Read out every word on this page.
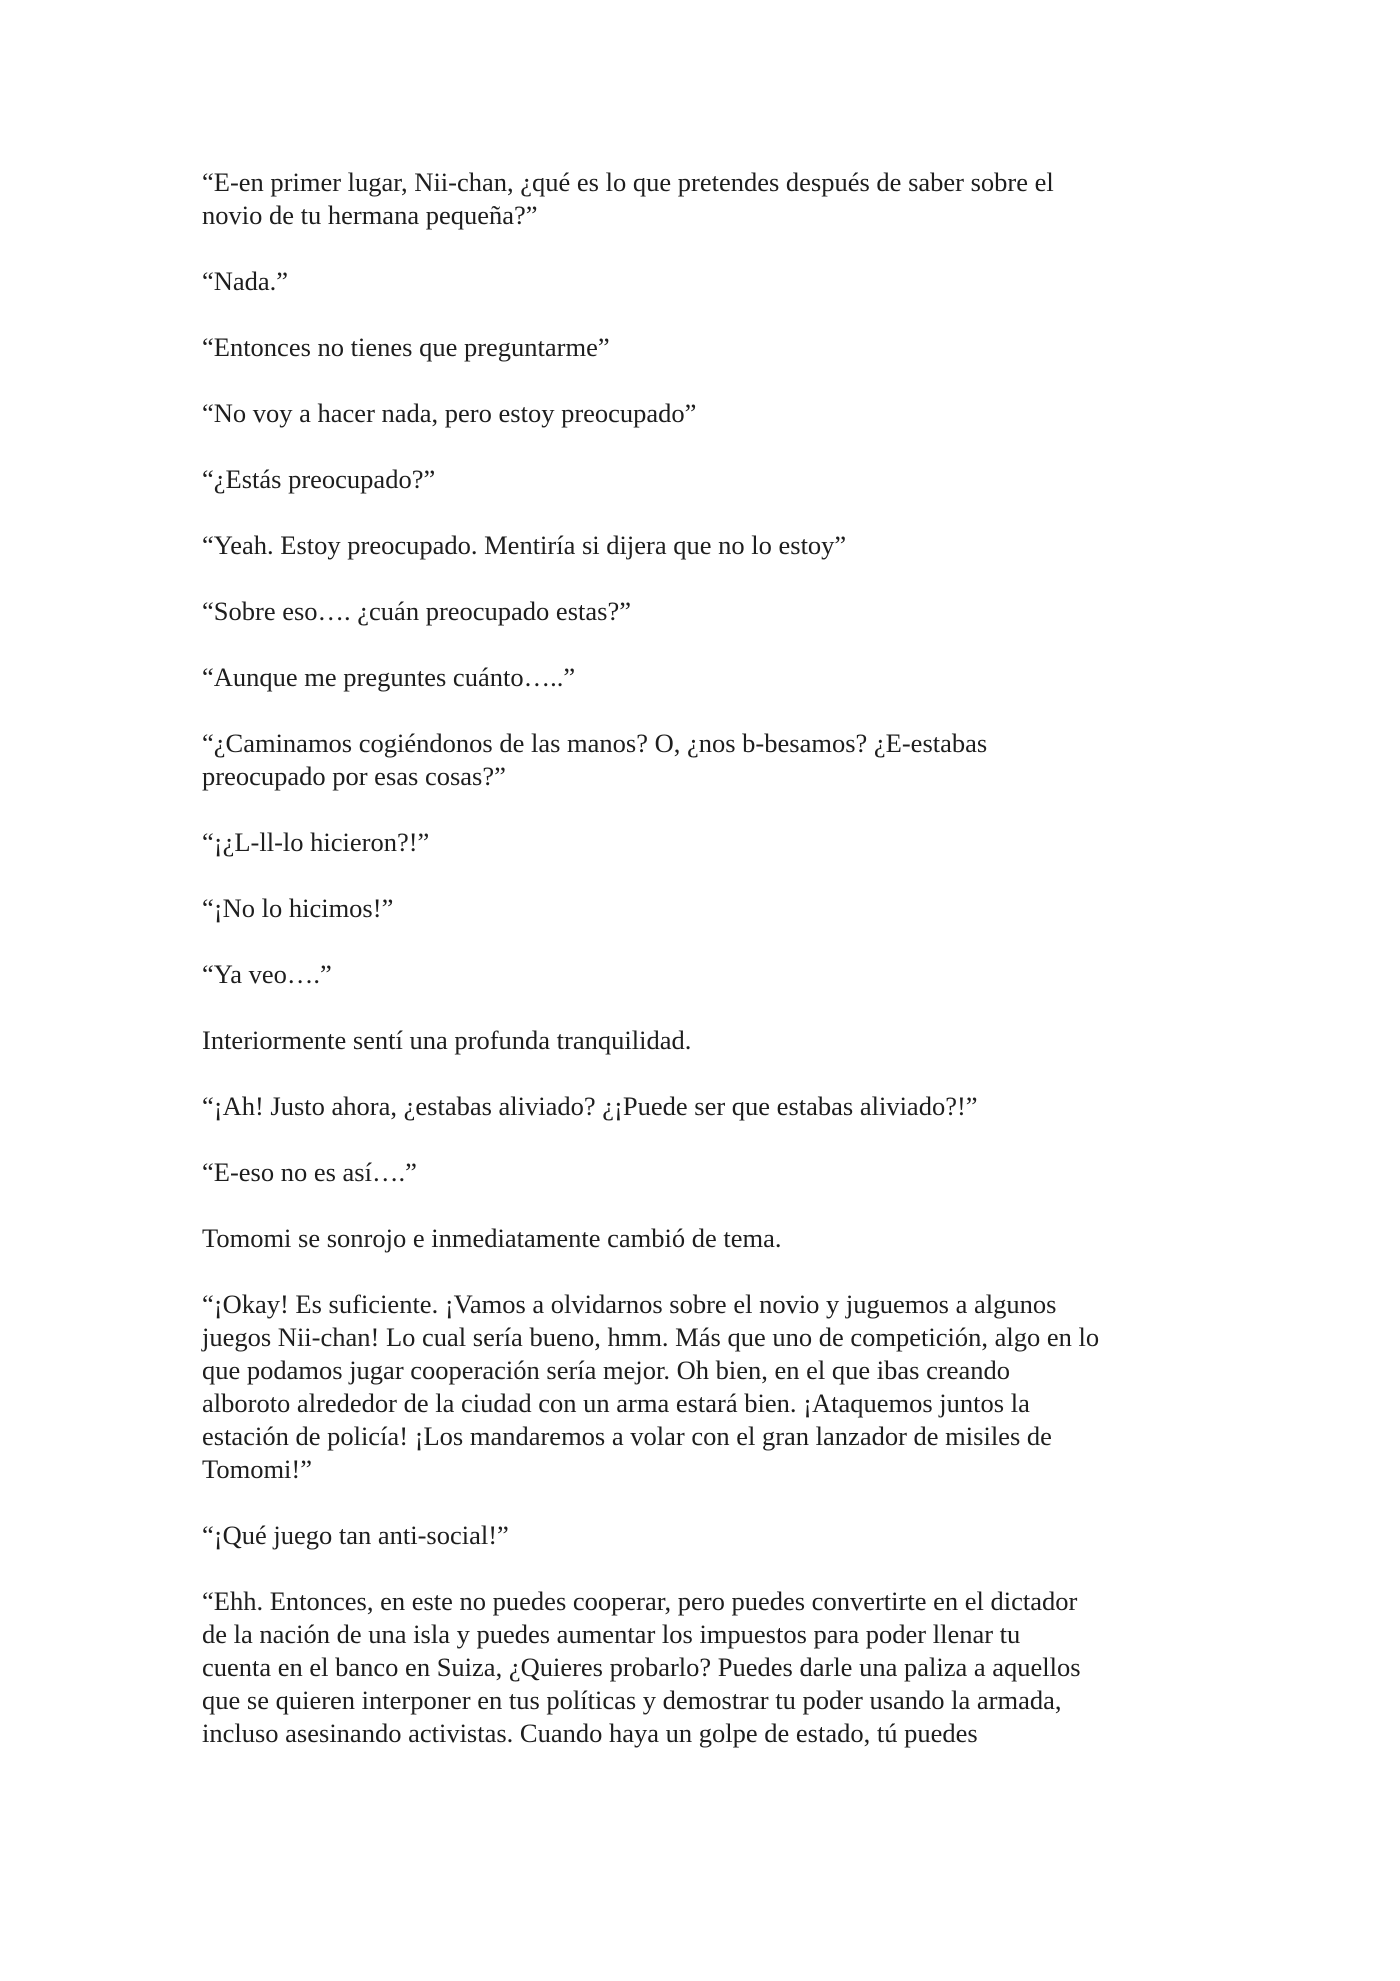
“E-en primer lugar, Nii-chan, ¿qué es lo que pretendes después de saber sobre el
novio de tu hermana pequeña?”

“Nada.”

“Entonces no tienes que preguntarme”

“No voy a hacer nada, pero estoy preocupado”

“¿Estás preocupado?”

“Yeah. Estoy preocupado. Mentiría si dijera que no lo estoy”

“Sobre eso…. ¿cuán preocupado estas?”

“Aunque me preguntes cuánto…..”

“¿Caminamos cogiéndonos de las manos? O, ¿nos b-besamos? ¿E-estabas
preocupado por esas cosas?”

“¡¿L-ll-lo hicieron?!”

“¡No lo hicimos!”

“Ya veo….”

Interiormente sentí una profunda tranquilidad.

“¡Ah! Justo ahora, ¿estabas aliviado? ¿¡Puede ser que estabas aliviado?!”

“E-eso no es así….”

Tomomi se sonrojo e inmediatamente cambió de tema.

“¡Okay! Es suficiente. ¡Vamos a olvidarnos sobre el novio y juguemos a algunos
juegos Nii-chan! Lo cual sería bueno, hmm. Más que uno de competición, algo en lo
que podamos jugar cooperación sería mejor. Oh bien, en el que ibas creando
alboroto alrededor de la ciudad con un arma estará bien. ¡Ataquemos juntos la
estación de policía! ¡Los mandaremos a volar con el gran lanzador de misiles de
Tomomi!”

“¡Qué juego tan anti-social!”

“Ehh. Entonces, en este no puedes cooperar, pero puedes convertirte en el dictador
de la nación de una isla y puedes aumentar los impuestos para poder llenar tu
cuenta en el banco en Suiza, ¿Quieres probarlo? Puedes darle una paliza a aquellos
que se quieren interponer en tus políticas y demostrar tu poder usando la armada,
incluso asesinando activistas. Cuando haya un golpe de estado, tú puedes
